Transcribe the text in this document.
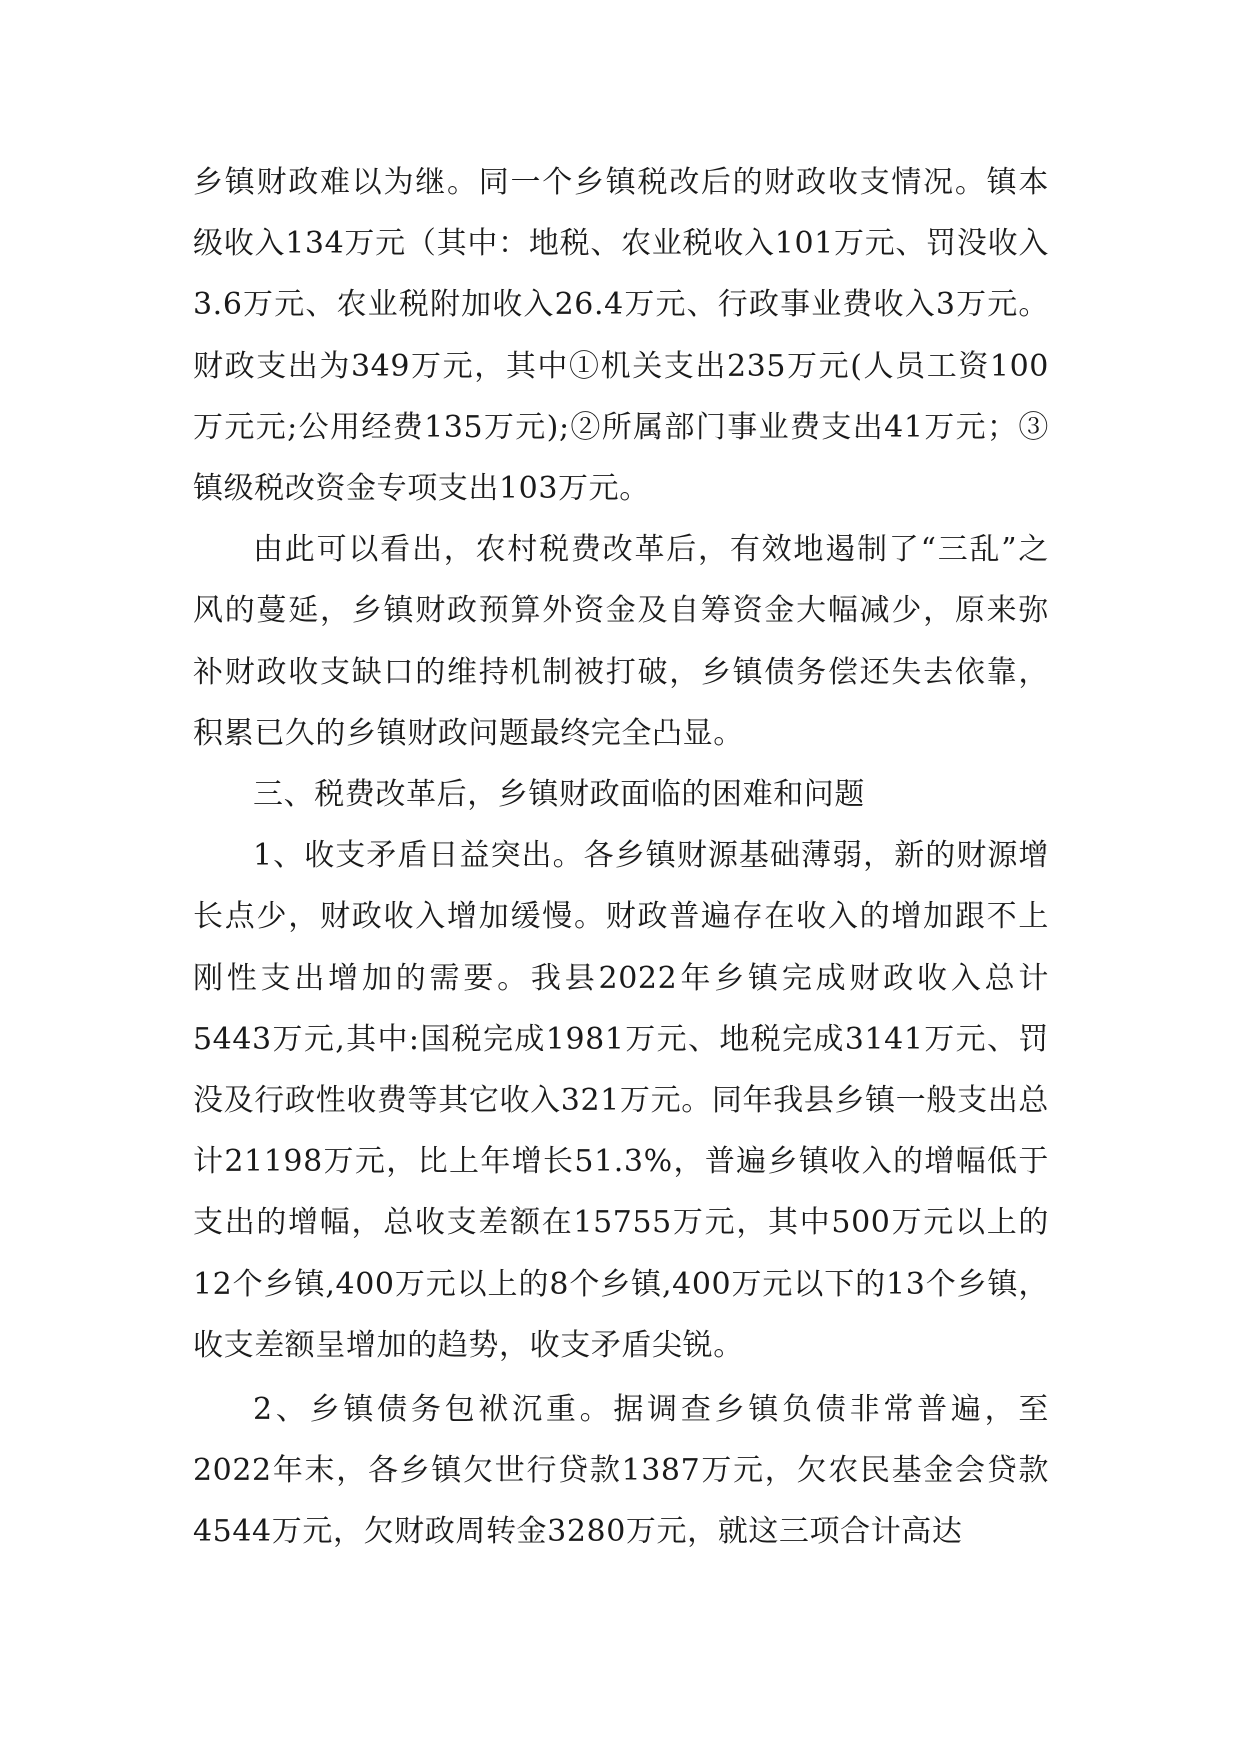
乡镇财政难以为继。同一个乡镇税改后的财政收支情况。镇本级收入134万元（其中：地税、农业税收入101万元、罚没收入3.6万元、农业税附加收入26.4万元、行政事业费收入3万元。财政支出为349万元，其中①机关支出235万元(人员工资100万元元;公用经费135万元);②所属部门事业费支出41万元；③镇级税改资金专项支出103万元。

由此可以看出，农村税费改革后，有效地遏制了“三乱”之风的蔓延，乡镇财政预算外资金及自筹资金大幅减少，原来弥补财政收支缺口的维持机制被打破，乡镇债务偿还失去依靠，积累已久的乡镇财政问题最终完全凸显。

三、税费改革后，乡镇财政面临的困难和问题

1、收支矛盾日益突出。各乡镇财源基础薄弱，新的财源增长点少，财政收入增加缓慢。财政普遍存在收入的增加跟不上刚性支出增加的需要。我县2022年乡镇完成财政收入总计5443万元,其中:国税完成1981万元、地税完成3141万元、罚没及行政性收费等其它收入321万元。同年我县乡镇一般支出总计21198万元，比上年增长51.3%，普遍乡镇收入的增幅低于支出的增幅，总收支差额在15755万元，其中500万元以上的12个乡镇,400万元以上的8个乡镇,400万元以下的13个乡镇，收支差额呈增加的趋势，收支矛盾尖锐。

2、乡镇债务包袱沉重。据调查乡镇负债非常普遍，至2022年末，各乡镇欠世行贷款1387万元，欠农民基金会贷款4544万元，欠财政周转金3280万元，就这三项合计高达
